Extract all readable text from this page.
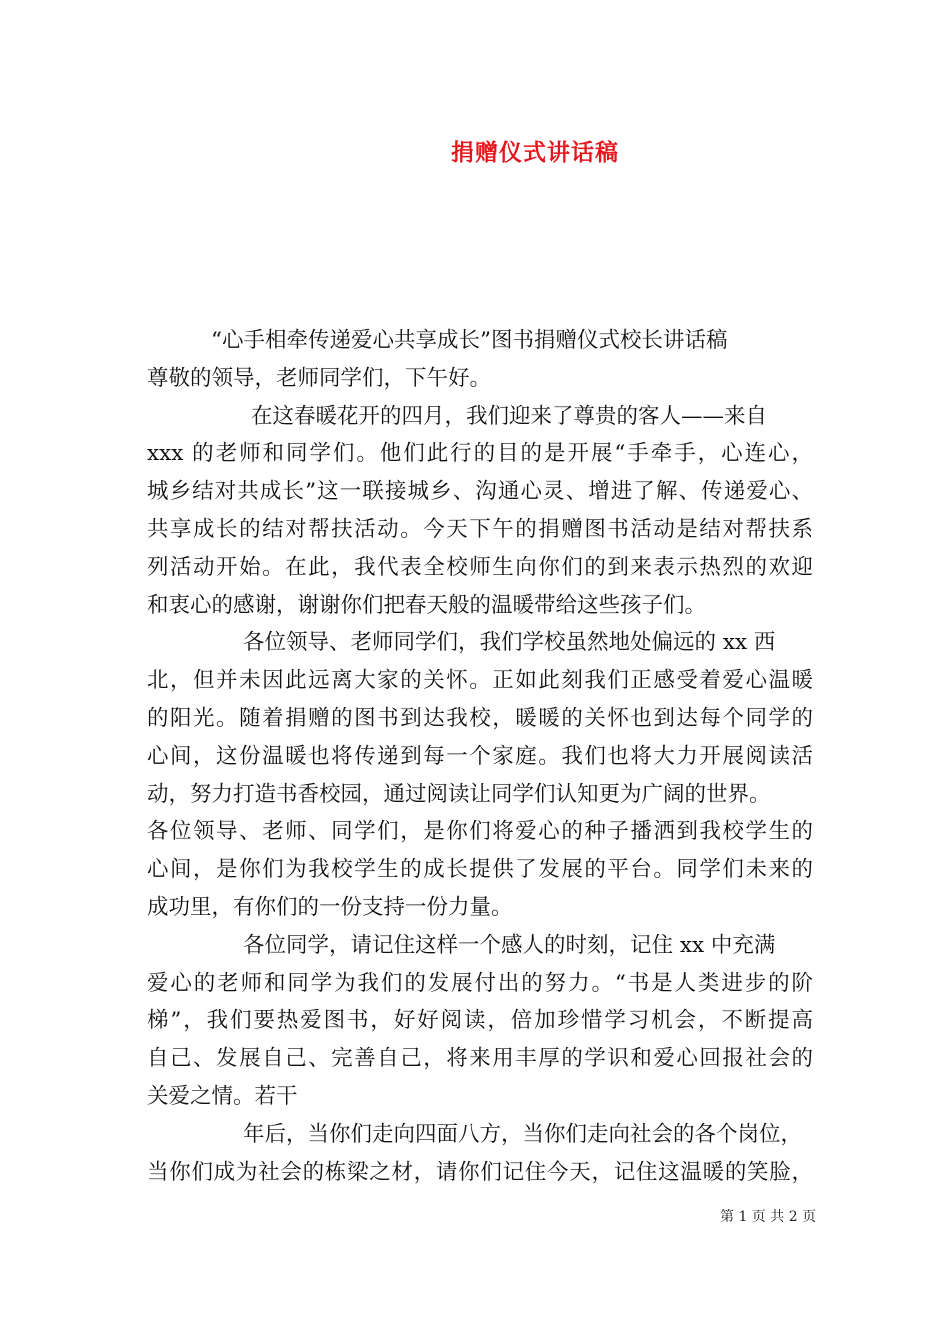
捐赠仪式讲话稿
“心手相牵传递爱心共享成长”图书捐赠仪式校长讲话稿
尊敬的领导，老师同学们，下午好。
在这春暖花开的四月，我们迎来了尊贵的客人——来自
xxx 的老师和同学们。他们此行的目的是开展“手牵手，心连心，
城乡结对共成长”这一联接城乡、沟通心灵、增进了解、传递爱心、
共享成长的结对帮扶活动。今天下午的捐赠图书活动是结对帮扶系
列活动开始。在此，我代表全校师生向你们的到来表示热烈的欢迎
和衷心的感谢，谢谢你们把春天般的温暖带给这些孩子们。
各位领导、老师同学们，我们学校虽然地处偏远的 xx 西
北，但并未因此远离大家的关怀。正如此刻我们正感受着爱心温暖
的阳光。随着捐赠的图书到达我校，暖暖的关怀也到达每个同学的
心间，这份温暖也将传递到每一个家庭。我们也将大力开展阅读活
动，努力打造书香校园，通过阅读让同学们认知更为广阔的世界。
各位领导、老师、同学们，是你们将爱心的种子播洒到我校学生的
心间，是你们为我校学生的成长提供了发展的平台。同学们未来的
成功里，有你们的一份支持一份力量。
各位同学，请记住这样一个感人的时刻，记住 xx 中充满
爱心的老师和同学为我们的发展付出的努力。“书是人类进步的阶
梯”，我们要热爱图书，好好阅读，倍加珍惜学习机会，不断提高
自己、发展自己、完善自己，将来用丰厚的学识和爱心回报社会的
关爱之情。若干
年后，当你们走向四面八方，当你们走向社会的各个岗位，
当你们成为社会的栋梁之材，请你们记住今天，记住这温暖的笑脸，
第 1 页 共 2 页
